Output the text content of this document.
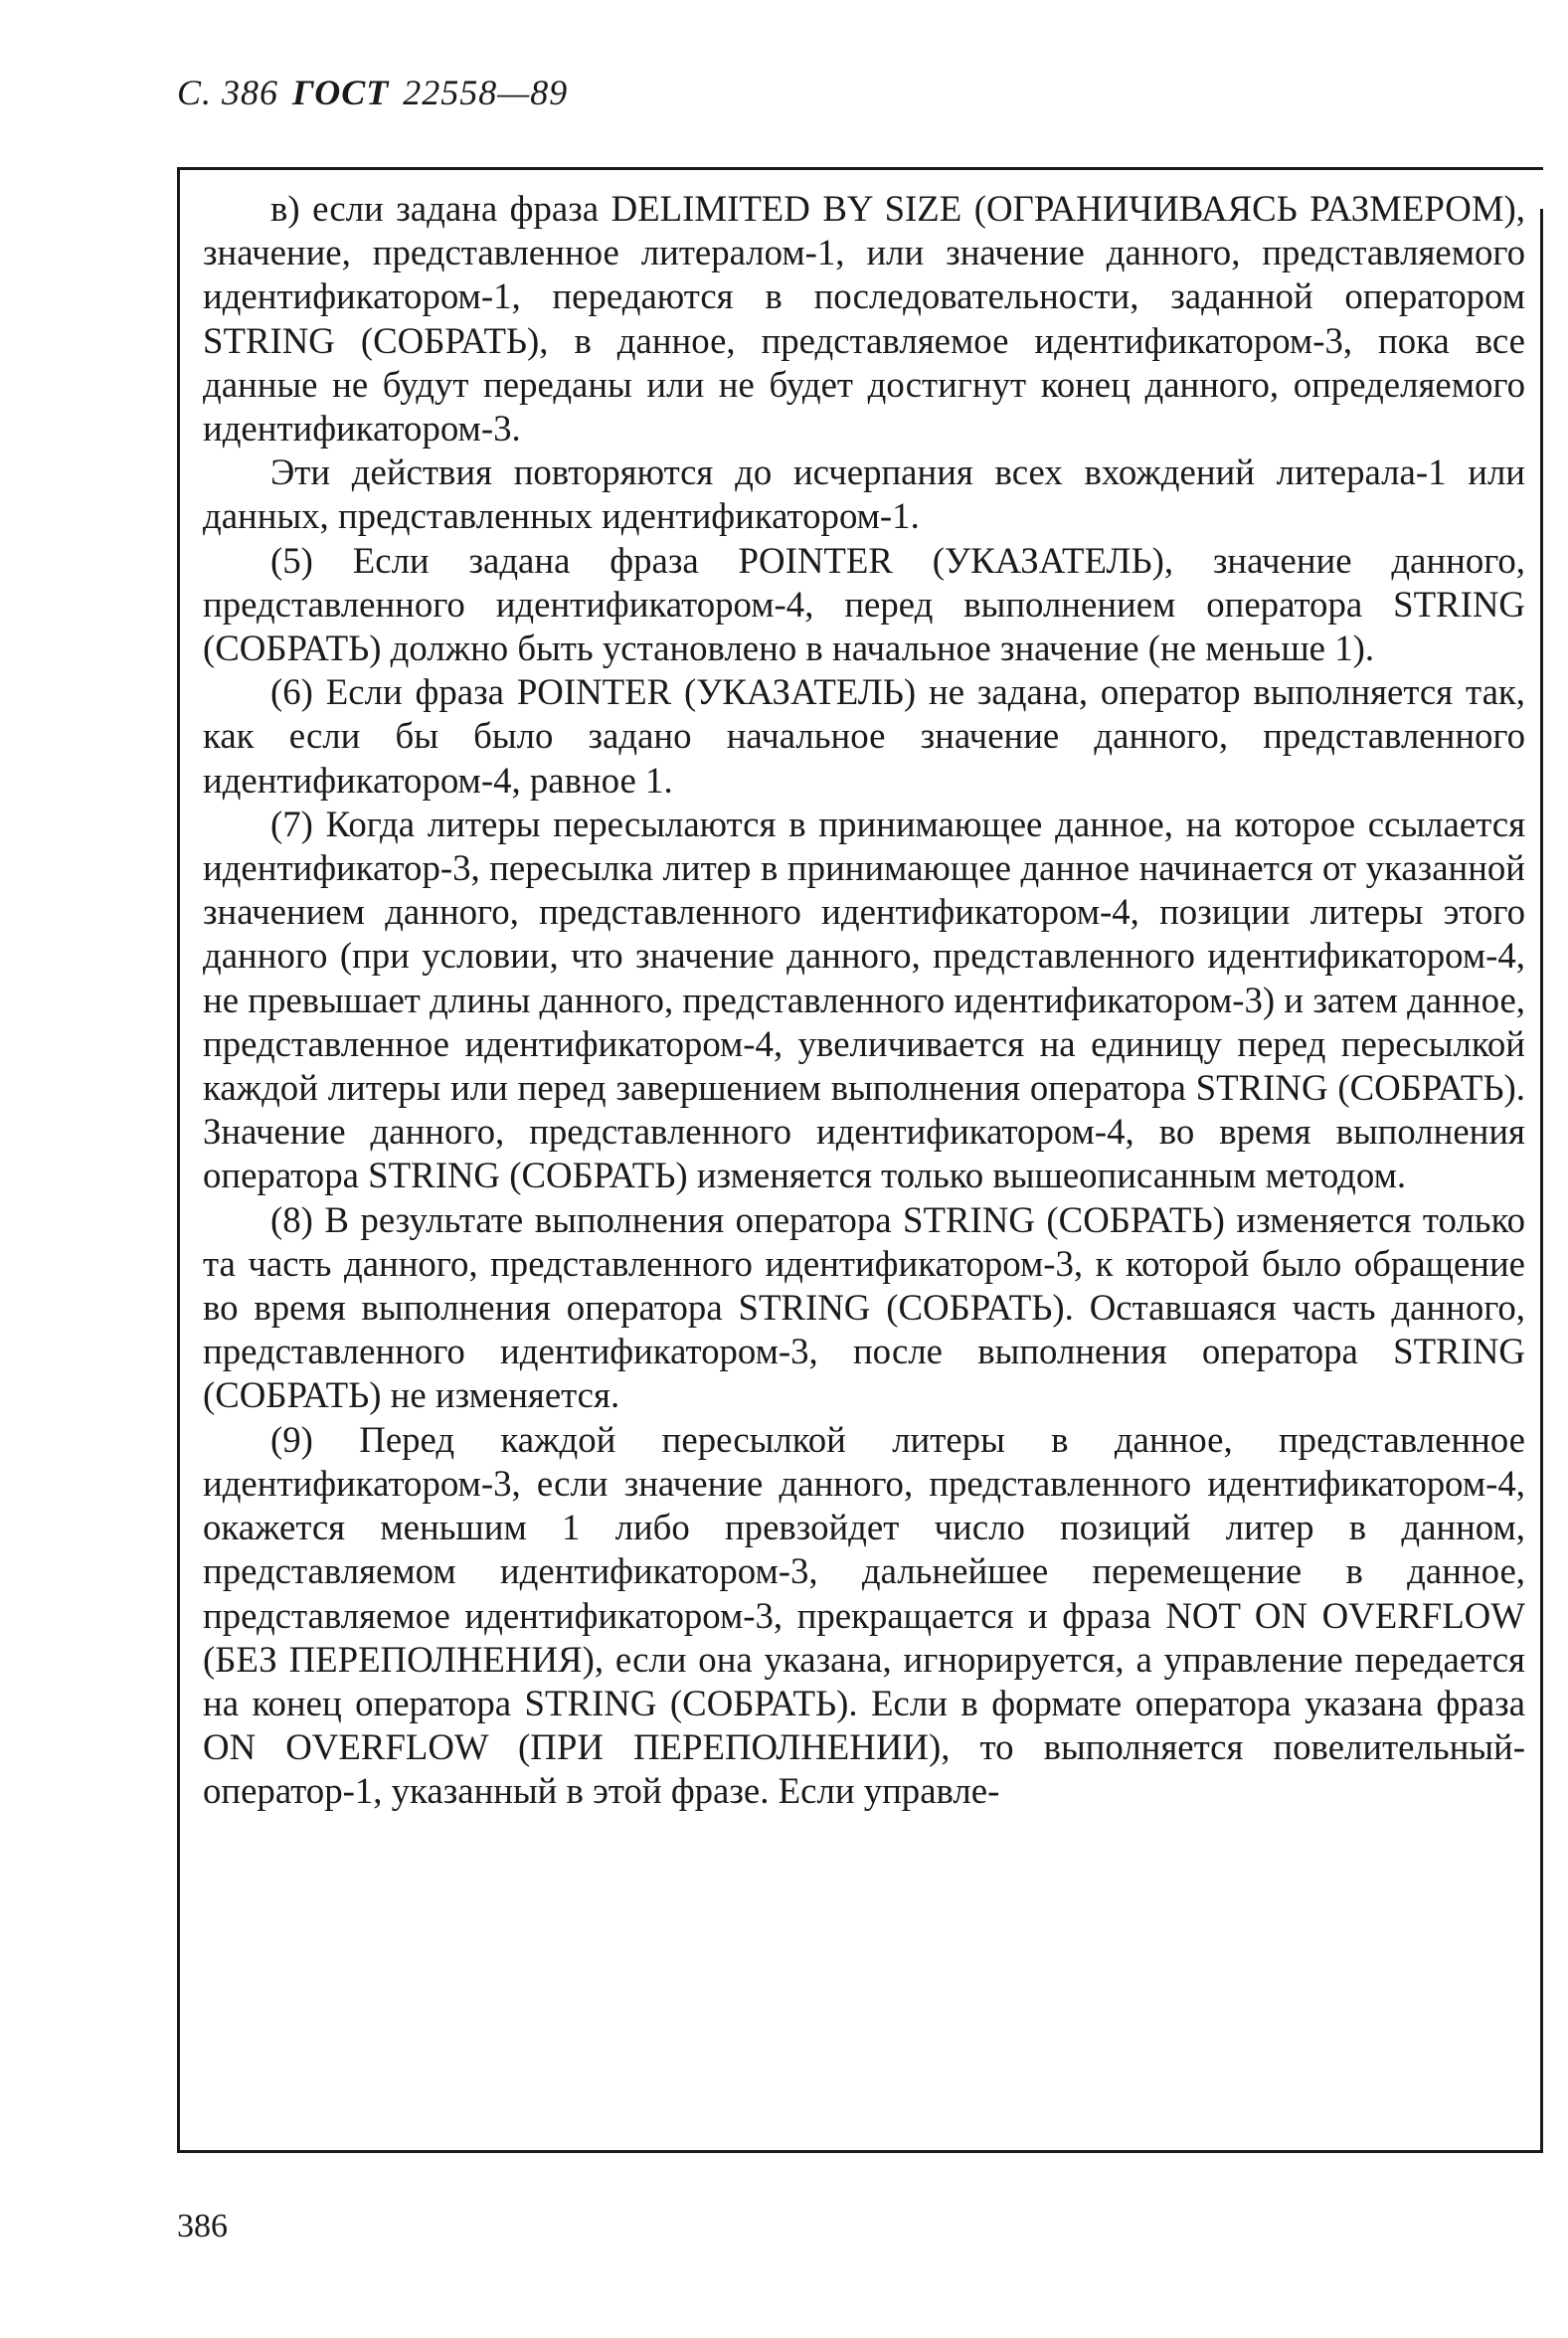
С. 386 ГОСТ 22558—89

в) если задана фраза DELIMITED BY SIZE (ОГРАНИЧИВАЯСЬ РАЗМЕРОМ), значение, представленное литералом-1, или значение данного, представляемого идентификатором-1, передаются в последовательности, заданной оператором STRING (СОБРАТЬ), в данное, представляемое идентификатором-3, пока все данные не будут переданы или не будет достигнут конец данного, определяемого идентификатором-3.

Эти действия повторяются до исчерпания всех вхождений литерала-1 или данных, представленных идентификатором-1.

(5) Если задана фраза POINTER (УКАЗАТЕЛЬ), значение данного, представленного идентификатором-4, перед выполнением оператора STRING (СОБРАТЬ) должно быть установлено в начальное значение (не меньше 1).

(6) Если фраза POINTER (УКАЗАТЕЛЬ) не задана, оператор выполняется так, как если бы было задано начальное значение данного, представленного идентификатором-4, равное 1.

(7) Когда литеры пересылаются в принимающее данное, на которое ссылается идентификатор-3, пересылка литер в принимающее данное начинается от указанной значением данного, представленного идентификатором-4, позиции литеры этого данного (при условии, что значение данного, представленного идентификатором-4, не превышает длины данного, представленного идентификатором-3) и затем данное, представленное идентификатором-4, увеличивается на единицу перед пересылкой каждой литеры или перед завершением выполнения оператора STRING (СОБРАТЬ). Значение данного, представленного идентификатором-4, во время выполнения оператора STRING (СОБРАТЬ) изменяется только вышеописанным методом.

(8) В результате выполнения оператора STRING (СОБРАТЬ) изменяется только та часть данного, представленного идентификатором-3, к которой было обращение во время выполнения оператора STRING (СОБРАТЬ). Оставшаяся часть данного, представленного идентификатором-3, после выполнения оператора STRING (СОБРАТЬ) не изменяется.

(9) Перед каждой пересылкой литеры в данное, представленное идентификатором-3, если значение данного, представленного идентификатором-4, окажется меньшим 1 либо превзойдет число позиций литер в данном, представляемом идентификатором-3, дальнейшее перемещение в данное, представляемое идентификатором-3, прекращается и фраза NOT ON OVERFLOW (БЕЗ ПЕРЕПОЛНЕНИЯ), если она указана, игнорируется, а управление передается на конец оператора STRING (СОБРАТЬ). Если в формате оператора указана фраза ON OVERFLOW (ПРИ ПЕРЕПОЛНЕНИИ), то выполняется повелительный-оператор-1, указанный в этой фразе. Если управле-

386
